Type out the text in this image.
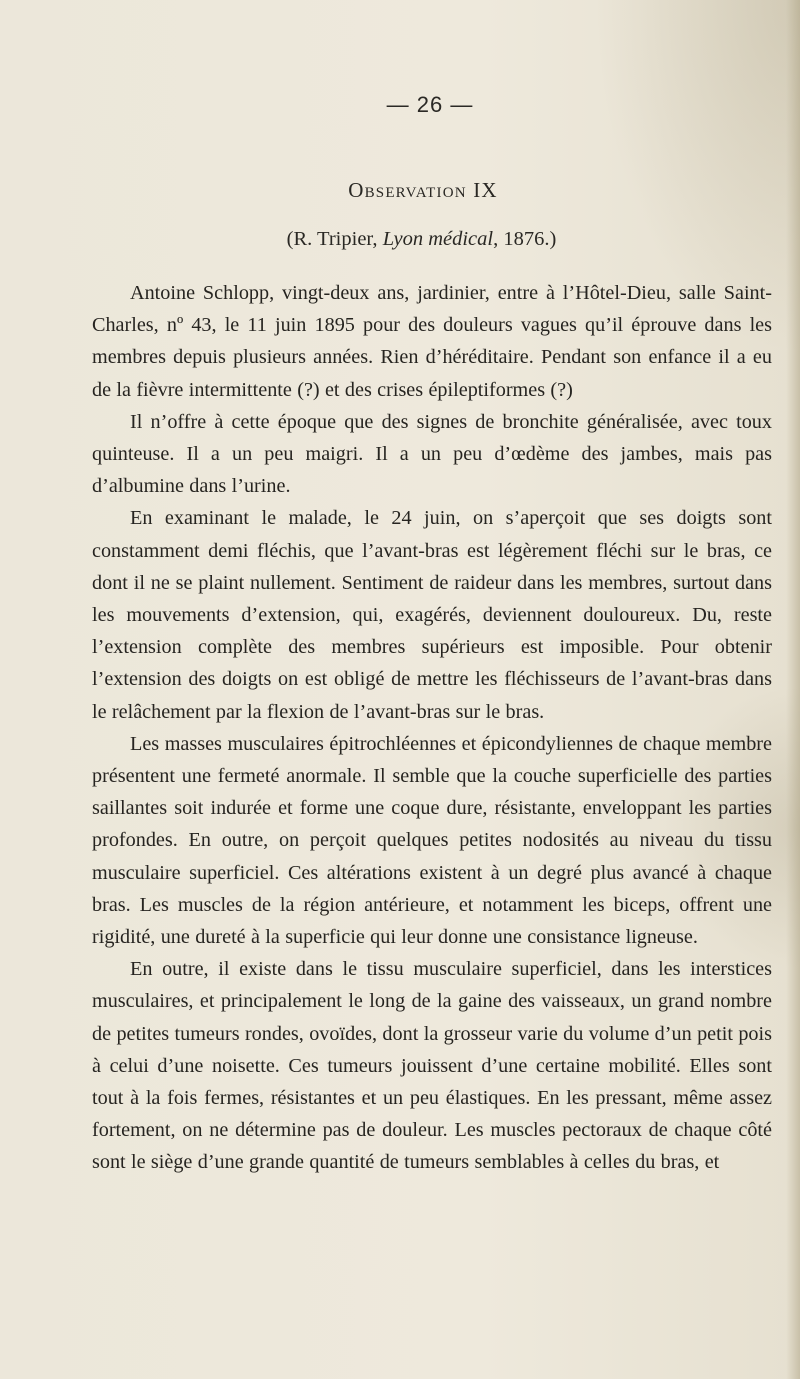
— 26 —
Observation IX
(R. Tripier, Lyon médical, 1876.)

Antoine Schlopp, vingt-deux ans, jardinier, entre à l’Hôtel-Dieu, salle Saint-Charles, nº 43, le 11 juin 1895 pour des douleurs vagues qu’il éprouve dans les membres depuis plusieurs années. Rien d’héréditaire. Pendant son enfance il a eu de la fièvre intermittente (?) et des crises épileptiformes (?)

Il n’offre à cette époque que des signes de bronchite généralisée, avec toux quinteuse. Il a un peu maigri. Il a un peu d’œdème des jambes, mais pas d’albumine dans l’urine.

En examinant le malade, le 24 juin, on s’aperçoit que ses doigts sont constamment demi fléchis, que l’avant-bras est légèrement fléchi sur le bras, ce dont il ne se plaint nullement. Sentiment de raideur dans les membres, surtout dans les mouvements d’extension, qui, exagérés, deviennent douloureux. Du, reste l’extension complète des membres supérieurs est imposible. Pour obtenir l’extension des doigts on est obligé de mettre les fléchisseurs de l’avant-bras dans le relâchement par la flexion de l’avant-bras sur le bras.

Les masses musculaires épitrochléennes et épicondyliennes de chaque membre présentent une fermeté anormale. Il semble que la couche superficielle des parties saillantes soit indurée et forme une coque dure, résistante, enveloppant les parties profondes. En outre, on perçoit quelques petites nodosités au niveau du tissu musculaire superficiel. Ces altérations existent à un degré plus avancé à chaque bras. Les muscles de la région antérieure, et notamment les biceps, offrent une rigidité, une dureté à la superficie qui leur donne une consistance ligneuse.

En outre, il existe dans le tissu musculaire superficiel, dans les interstices musculaires, et principalement le long de la gaine des vaisseaux, un grand nombre de petites tumeurs rondes, ovoïdes, dont la grosseur varie du volume d’un petit pois à celui d’une noisette. Ces tumeurs jouissent d’une certaine mobilité. Elles sont tout à la fois fermes, résistantes et un peu élastiques. En les pressant, même assez fortement, on ne détermine pas de douleur. Les muscles pectoraux de chaque côté sont le siège d’une grande quantité de tumeurs semblables à celles du bras, et
